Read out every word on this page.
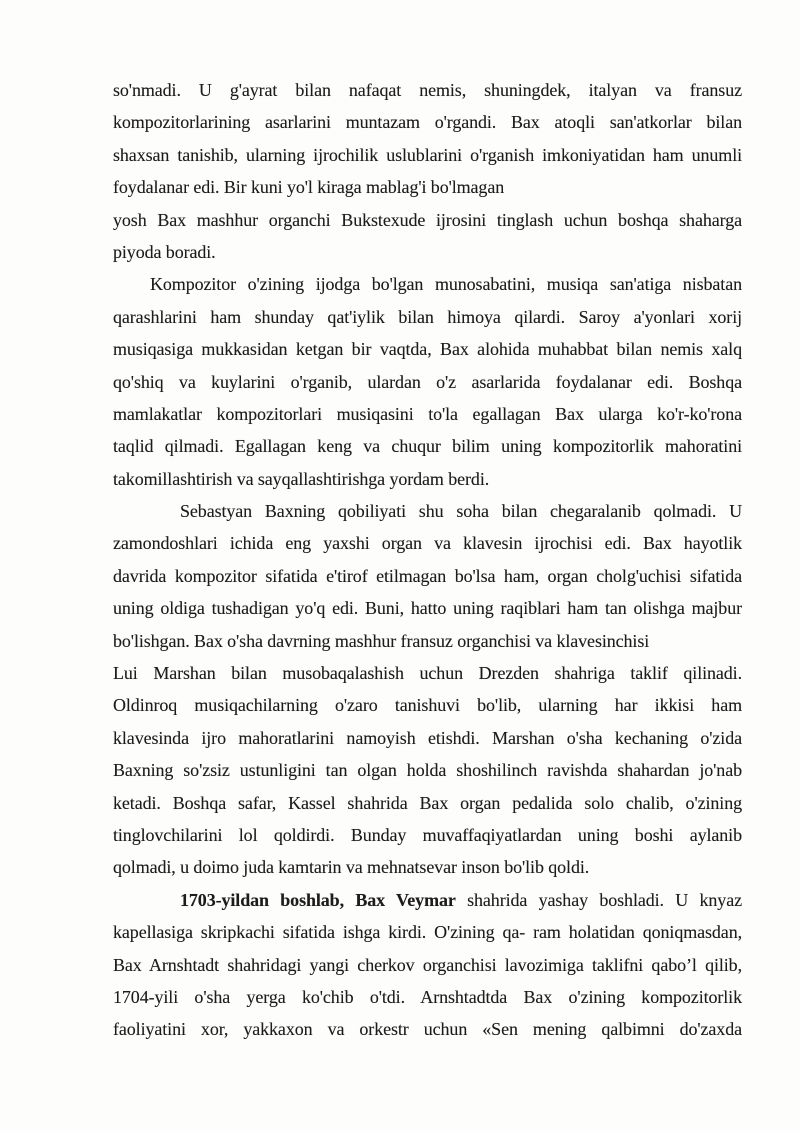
so'nmadi. U g'ayrat bilan nafaqat nemis, shuningdek, italyan va fransuz
kompozitorlarining asarlarini muntazam o'rgandi. Bax atoqli san'atkorlar bilan
shaxsan tanishib, ularning ijrochilik uslublarini o'rganish imkoniyatidan ham unumli
foydalanar edi. Bir kuni yo'l kiraga mablag'i bo'lmagan
yosh Bax mashhur organchi Bukstexude ijrosini tinglash uchun boshqa shaharga
piyoda boradi.
Kompozitor o'zining ijodga bo'lgan munosabatini, musiqa san'atiga nisbatan
qarashlarini ham shunday qat'iylik bilan himoya qilardi. Saroy a'yonlari xorij
musiqasiga mukkasidan ketgan bir vaqtda, Bax alohida muhabbat bilan nemis xalq
qo'shiq va kuylarini o'rganib, ulardan o'z asarlarida foydalanar edi. Boshqa
mamlakatlar kompozitorlari musiqasini to'la egallagan Bax ularga ko'r-ko'rona
taqlid qilmadi. Egallagan keng va chuqur bilim uning kompozitorlik mahoratini
takomillashtirish va sayqallashtirishga yordam berdi.
Sebastyan Baxning qobiliyati shu soha bilan chegaralanib qolmadi. U
zamondoshlari ichida eng yaxshi organ va klavesin ijrochisi edi. Bax hayotlik
davrida kompozitor sifatida e'tirof etilmagan bo'lsa ham, organ cholg'uchisi sifatida
uning oldiga tushadigan yo'q edi. Buni, hatto uning raqiblari ham tan olishga majbur
bo'lishgan. Bax o'sha davrning mashhur fransuz organchisi va klavesinchisi
Lui Marshan bilan musobaqalashish uchun Drezden shahriga taklif qilinadi.
Oldinroq musiqachilarning o'zaro tanishuvi bo'lib, ularning har ikkisi ham
klavesinda ijro mahoratlarini namoyish etishdi. Marshan o'sha kechaning o'zida
Baxning so'zsiz ustunligini tan olgan holda shoshilinch ravishda shahardan jo'nab
ketadi. Boshqa safar, Kassel shahrida Bax organ pedalida solo chalib, o'zining
tinglovchilarini lol qoldirdi. Bunday muvaffaqiyatlardan uning boshi aylanib
qolmadi, u doimo juda kamtarin va mehnatsevar inson bo'lib qoldi.
1703-yildan boshlab, Bax Veymar shahrida yashay boshladi. U knyaz
kapellasiga skripkachi sifatida ishga kirdi. O'zining qa- ram holatidan qoniqmasdan,
Bax Arnshtadt shahridagi yangi cherkov organchisi lavozimiga taklifni qabo’l qilib,
1704-yili o'sha yerga ko'chib o'tdi. Arnshtadtda Bax o'zining kompozitorlik
faoliyatini xor, yakkaxon va orkestr uchun «Sen mening qalbimni do'zaxda
